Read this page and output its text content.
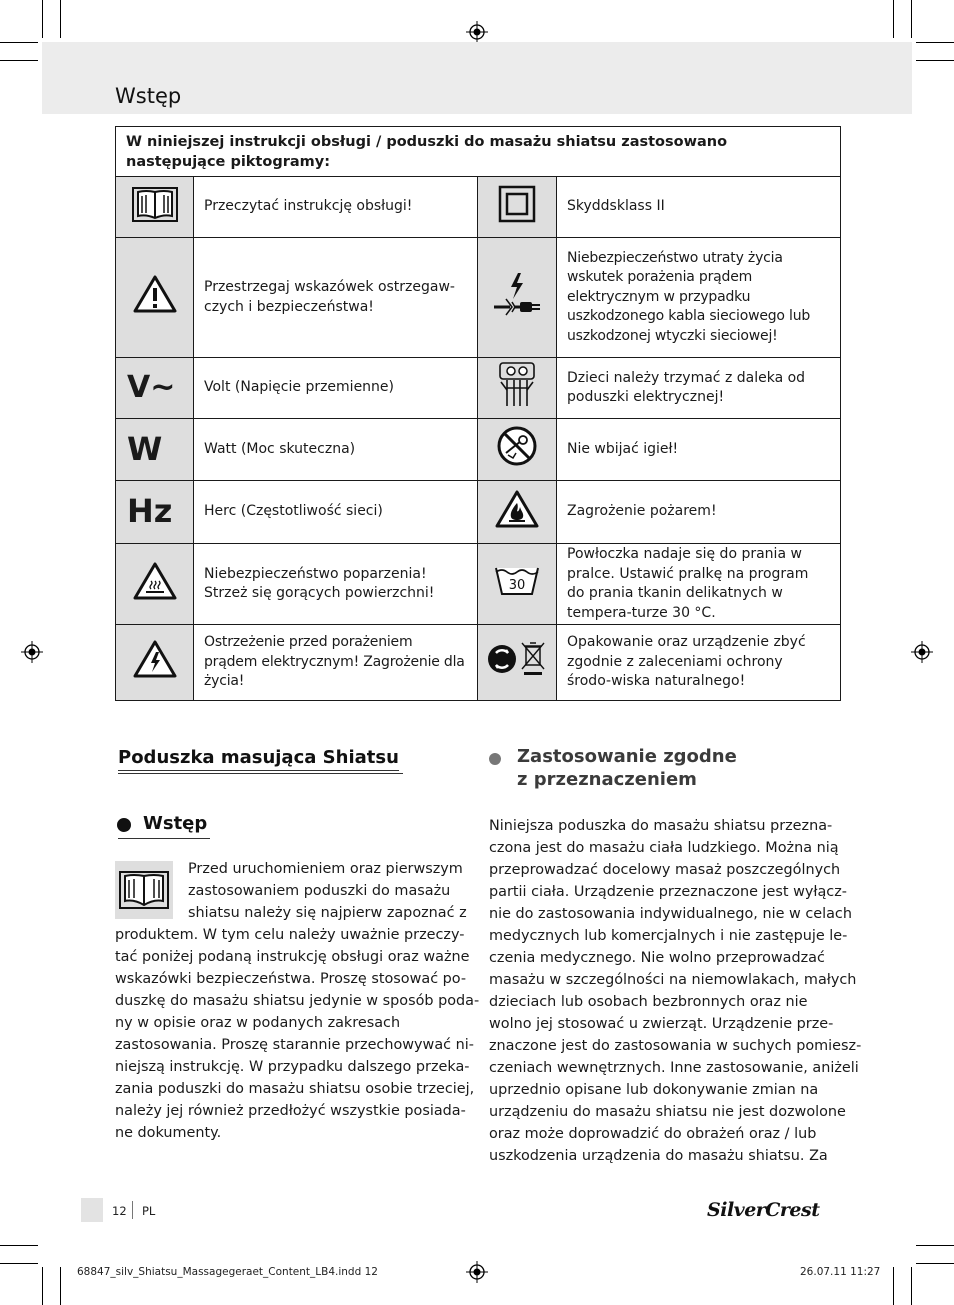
Wstęp
W niniejszej instrukcji obsługi / poduszki do masażu shiatsu zastosowano następujące piktogramy:			
	Przeczytać instrukcję obsługi!		Skyddsklass II
	Przestrzegaj wskazówek ostrzegaw-czych i bezpieczeństwa!		Niebezpieczeństwo utraty życia wskutek porażenia prądem elektrycznym w przypadku uszkodzonego kabla sieciowego lub uszkodzonej wtyczki sieciowej!
V~	Volt (Napięcie przemienne)		Dzieci należy trzymać z daleka od poduszki elektrycznej!
W	Watt (Moc skuteczna)		Nie wbijać igieł!
Hz	Herc (Częstotliwość sieci)		Zagrożenie pożarem!
	Niebezpieczeństwo poparzenia! Strzeż się gorących powierzchni!	30	Powłoczka nadaje się do prania w pralce. Ustawić pralkę na program do prania tkanin delikatnych w tempera-turze 30 °C.
	Ostrzeżenie przed porażeniem prądem elektrycznym! Zagrożenie dla życia!		Opakowanie oraz urządzenie zbyć zgodnie z zaleceniami ochrony środo-wiska naturalnego!
Poduszka masująca Shiatsu
Wstęp
Przed uruchomieniem oraz pierwszym
zastosowaniem poduszki do masażu
shiatsu należy się najpierw zapoznać z
produktem. W tym celu należy uważnie przeczy-
tać poniżej podaną instrukcję obsługi oraz ważne
wskazówki bezpieczeństwa. Proszę stosować po-
duszkę do masażu shiatsu jedynie w sposób poda-
ny w opisie oraz w podanych zakresach
zastosowania. Proszę starannie przechowywać ni-
niejszą instrukcję. W przypadku dalszego przeka-
zania poduszki do masażu shiatsu osobie trzeciej,
należy jej również przedłożyć wszystkie posiada-
ne dokumenty.
Zastosowanie zgodne
z przeznaczeniem
Niniejsza poduszka do masażu shiatsu przezna-
czona jest do masażu ciała ludzkiego. Można nią
przeprowadzać docelowy masaż poszczególnych
partii ciała. Urządzenie przeznaczone jest wyłącz-
nie do zastosowania indywidualnego, nie w celach
medycznych lub komercjalnych i nie zastępuje le-
czenia medycznego. Nie wolno przeprowadzać
masażu w szczególności na niemowlakach, małych
dzieciach lub osobach bezbronnych oraz nie
wolno jej stosować u zwierząt. Urządzenie prze-
znaczone jest do zastosowania w suchych pomiesz-
czeniach wewnętrznych. Inne zastosowanie, aniżeli
uprzednio opisane lub dokonywanie zmian na
urządzeniu do masażu shiatsu nie jest dozwolone
oraz może doprowadzić do obrażeń oraz / lub
uszkodzenia urządzenia do masażu shiatsu. Za
12 PL	SilverCrest
68847_silv_Shiatsu_Massagegeraet_Content_LB4.indd 12	26.07.11 11:27
